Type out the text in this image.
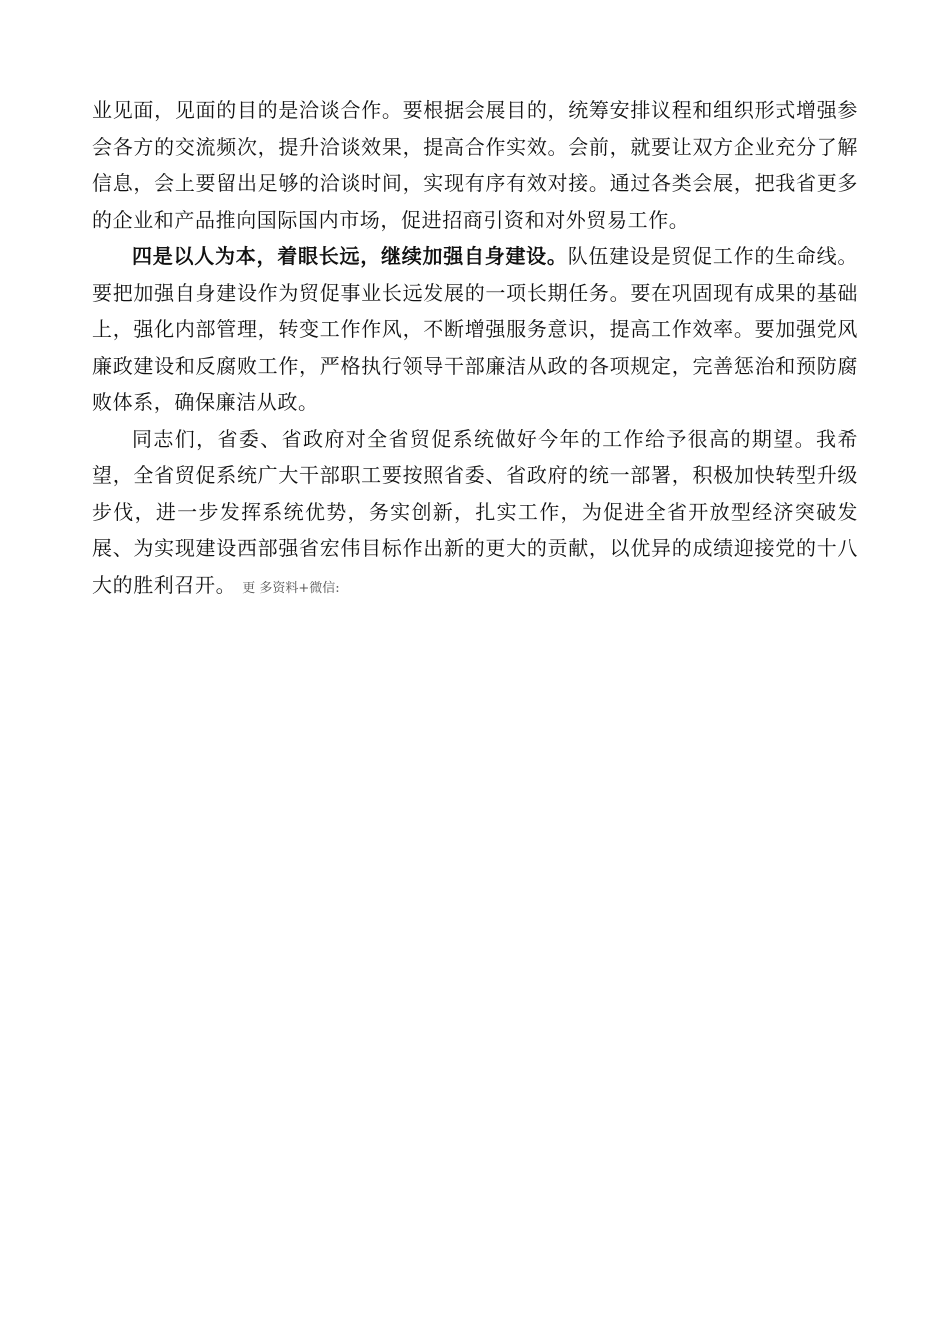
业见面，见面的目的是洽谈合作。要根据会展目的，统筹安排议程和组织形式增强参会各方的交流频次，提升洽谈效果，提高合作实效。会前，就要让双方企业充分了解信息，会上要留出足够的洽谈时间，实现有序有效对接。通过各类会展，把我省更多的企业和产品推向国际国内市场，促进招商引资和对外贸易工作。

四是以人为本，着眼长远，继续加强自身建设。队伍建设是贸促工作的生命线。要把加强自身建设作为贸促事业长远发展的一项长期任务。要在巩固现有成果的基础上，强化内部管理，转变工作作风，不断增强服务意识，提高工作效率。要加强党风廉政建设和反腐败工作，严格执行领导干部廉洁从政的各项规定，完善惩治和预防腐败体系，确保廉洁从政。

同志们，省委、省政府对全省贸促系统做好今年的工作给予很高的期望。我希望，全省贸促系统广大干部职工要按照省委、省政府的统一部署，积极加快转型升级步伐，进一步发挥系统优势，务实创新，扎实工作，为促进全省开放型经济突破发展、为实现建设西部强省宏伟目标作出新的更大的贡献，以优异的成绩迎接党的十八大的胜利召开。 更 多资料+微信:
